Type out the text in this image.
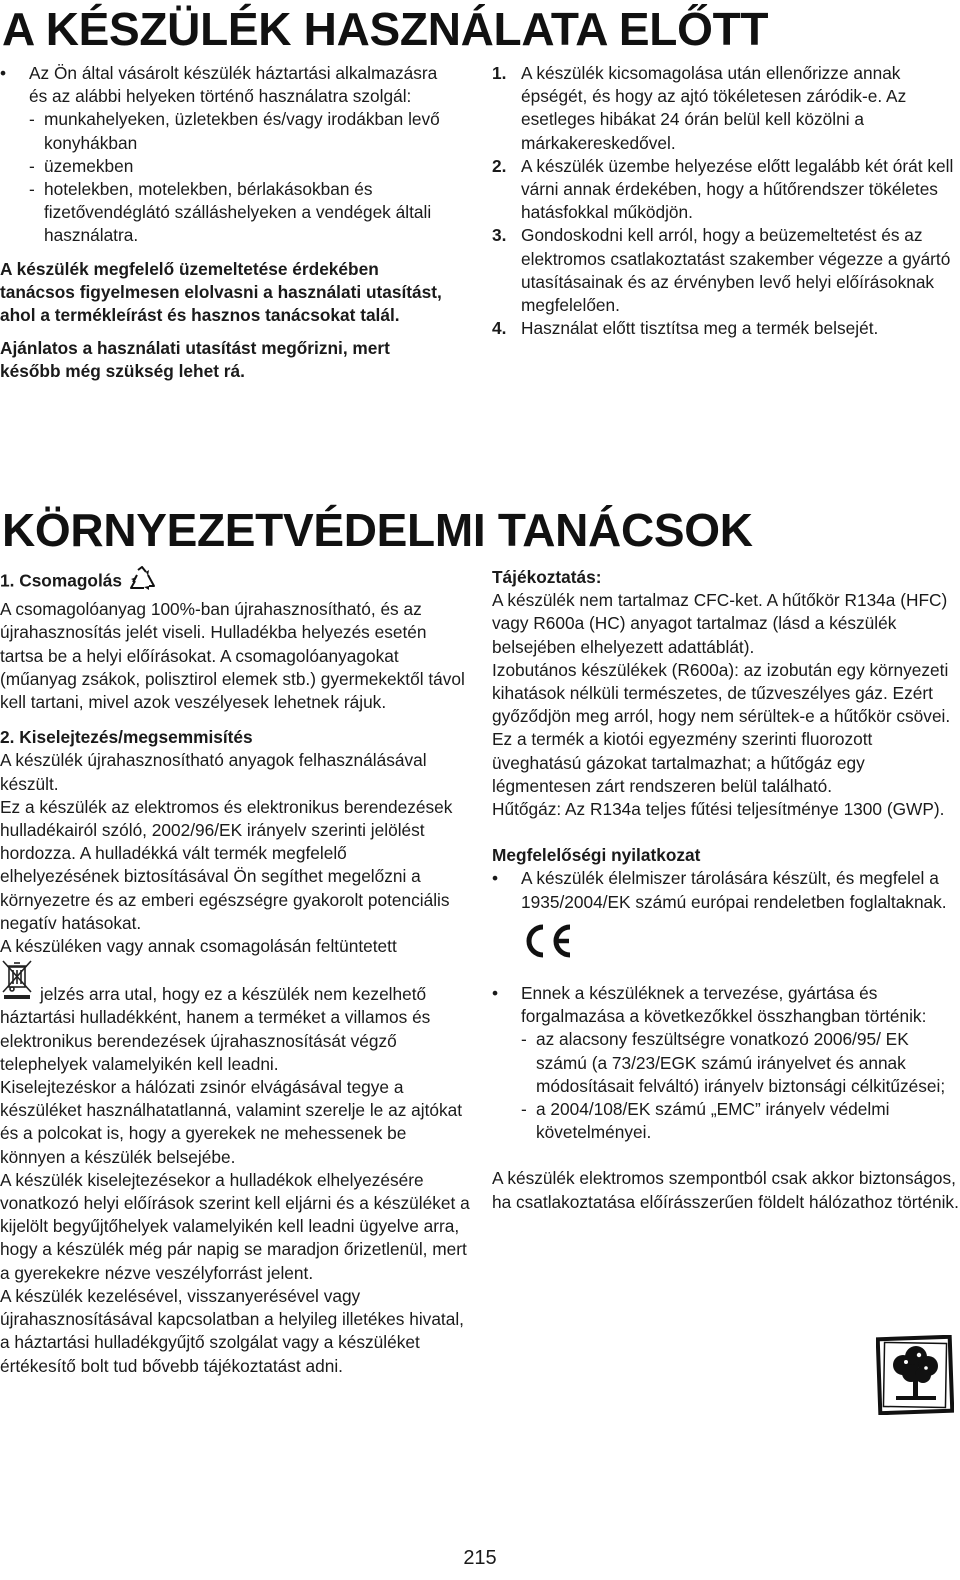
A KÉSZÜLÉK HASZNÁLATA ELŐTT
• Az Ön által vásárolt készülék háztartási alkalmazásra és az alábbi helyeken történő használatra szolgál:
- munkahelyeken, üzletekben és/vagy irodákban levő konyhákban
- üzemekben
- hotelekben, motelekben, bérlakásokban és fizetővendéglátó szálláshelyeken a vendégek általi használatra.

A készülék megfelelő üzemeltetése érdekében tanácsos figyelmesen elolvasni a használati utasítást, ahol a termékleírást és hasznos tanácsokat talál.

Ajánlatos a használati utasítást megőrizni, mert később még szükség lehet rá.

1. A készülék kicsomagolása után ellenőrizze annak épségét, és hogy az ajtó tökéletesen záródik-e. Az esetleges hibákat 24 órán belül kell közölni a márkakereskedővel.
2. A készülék üzembe helyezése előtt legalább két órát kell várni annak érdekében, hogy a hűtőrendszer tökéletes hatásfokkal működjön.
3. Gondoskodni kell arról, hogy a beüzemeltetést és az elektromos csatlakoztatást szakember végezze a gyártó utasításainak és az érvényben levő helyi előírásoknak megfelelően.
4. Használat előtt tisztítsa meg a termék belsejét.
KÖRNYEZETVÉDELMI TANÁCSOK
1. Csomagolás

A csomagolóanyag 100%-ban újrahasznosítható, és az újrahasznosítás jelét viseli. Hulladékba helyezés esetén tartsa be a helyi előírásokat. A csomagolóanyagokat (műanyag zsákok, polisztirol elemek stb.) gyermekektől távol kell tartani, mivel azok veszélyesek lehetnek rájuk.

2. Kiselejtezés/megsemmisítés

A készülék újrahasznosítható anyagok felhasználásával készült.

Ez a készülék az elektromos és elektronikus berendezések hulladékairól szóló, 2002/96/EK irányelv szerinti jelölést hordozza. A hulladékká vált termék megfelelő elhelyezésének biztosításával Ön segíthet megelőzni a környezetre és az emberi egészségre gyakorolt potenciális negatív hatásokat.

A készüléken vagy annak csomagolásán feltüntetett

jelzés arra utal, hogy ez a készülék nem kezelhető háztartási hulladékként, hanem a terméket a villamos és elektronikus berendezések újrahasznosítását végző telephelyek valamelyikén kell leadni.

Kiselejtezéskor a hálózati zsinór elvágásával tegye a készüléket használhatatlanná, valamint szerelje le az ajtókat és a polcokat is, hogy a gyerekek ne mehessenek be könnyen a készülék belsejébe.

A készülék kiselejtezésekor a hulladékok elhelyezésére vonatkozó helyi előírások szerint kell eljárni és a készüléket a kijelölt begyűjtőhelyek valamelyikén kell leadni ügyelve arra, hogy a készülék még pár napig se maradjon őrizetlenül, mert a gyerekekre nézve veszélyforrást jelent.

A készülék kezelésével, visszanyerésével vagy újrahasznosításával kapcsolatban a helyileg illetékes hivatal, a háztartási hulladékgyűjtő szolgálat vagy a készüléket értékesítő bolt tud bővebb tájékoztatást adni.

Tájékoztatás:

A készülék nem tartalmaz CFC-ket. A hűtőkör R134a (HFC) vagy R600a (HC) anyagot tartalmaz (lásd a készülék belsejében elhelyezett adattáblát).

Izobutános készülékek (R600a): az izobután egy környezeti kihatások nélküli természetes, de tűzveszélyes gáz. Ezért győződjön meg arról, hogy nem sérültek-e a hűtőkör csövei.

Ez a termék a kiotói egyezmény szerinti fluorozott üveghatású gázokat tartalmazhat; a hűtőgáz egy légmentesen zárt rendszeren belül található.

Hűtőgáz: Az R134a teljes fűtési teljesítménye 1300 (GWP).

Megfelelőségi nyilatkozat
• A készülék élelmiszer tárolására készült, és megfelel a 1935/2004/EK számú európai rendeletben foglaltaknak.
• Ennek a készüléknek a tervezése, gyártása és forgalmazása a következőkkel összhangban történik:
- az alacsony feszültségre vonatkozó 2006/95/ EK számú (a 73/23/EGK számú irányelvet és annak módosításait felváltó) irányelv biztonsági célkitűzései;
- a 2004/108/EK számú „EMC” irányelv védelmi követelményei.

A készülék elektromos szempontból csak akkor biztonságos, ha csatlakoztatása előírásszerűen földelt hálózathoz történik.

215
